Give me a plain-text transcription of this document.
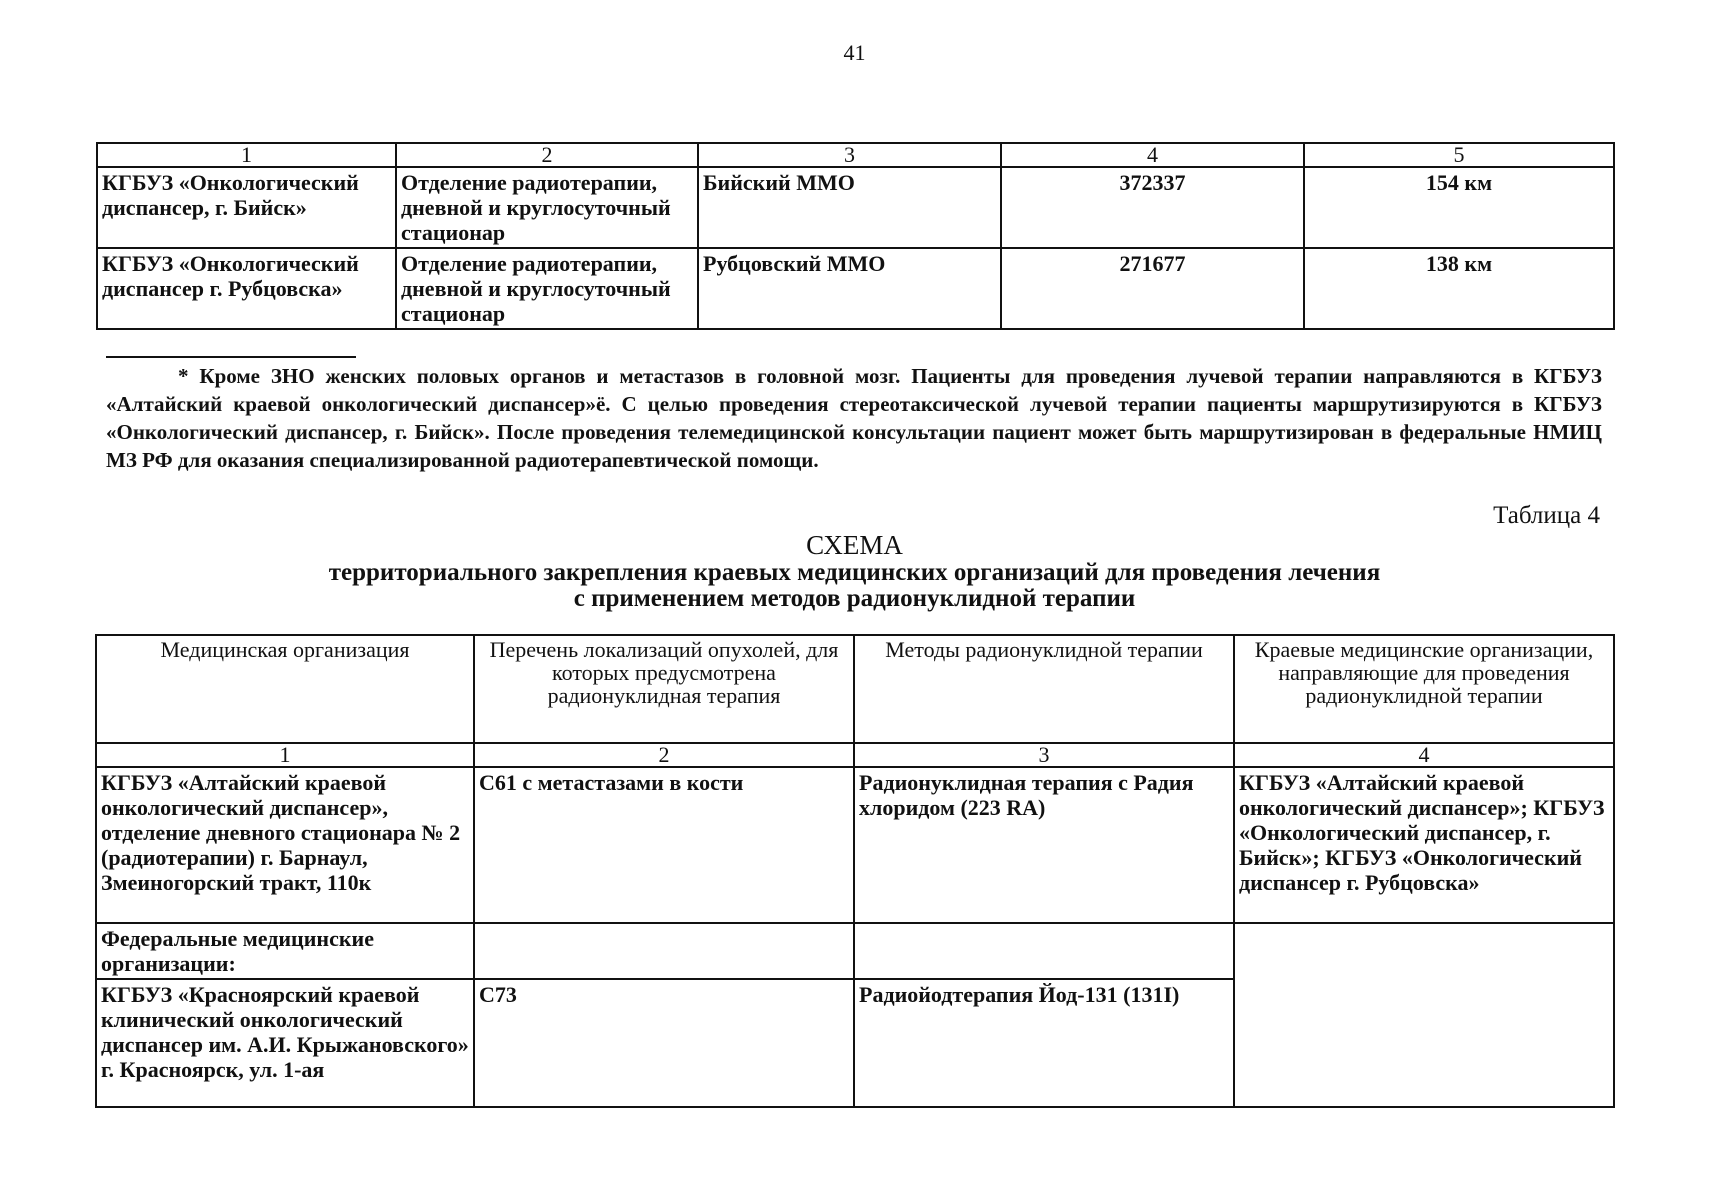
41
1	2	3	4	5
КГБУЗ «Онкологический диспансер, г. Бийск»	Отделение радиотерапии, дневной и круглосуточный стационар	Бийский ММО	372337	154 км
КГБУЗ «Онкологический диспансер г. Рубцовска»	Отделение радиотерапии, дневной и круглосуточный стационар	Рубцовский ММО	271677	138 км
* Кроме ЗНО женских половых органов и метастазов в головной мозг. Пациенты для проведения лучевой терапии направляются в КГБУЗ «Алтайский краевой онкологический диспансер»ё. С целью проведения стереотаксической лучевой терапии пациенты маршрутизируются в КГБУЗ «Онкологический диспансер, г. Бийск». После проведения телемедицинской консультации пациент может быть маршрутизирован в федеральные НМИЦ МЗ РФ для оказания специализированной радиотерапевтической помощи.
Таблица 4
СХЕМА
территориального закрепления краевых медицинских организаций для проведения лечения
с применением методов радионуклидной терапии
Медицинская организация	Перечень локализаций опухолей, для которых предусмотрена радионуклидная терапия	Методы радионуклидной терапии	Краевые медицинские организации, направляющие для проведения радионуклидной терапии
1	2	3	4
КГБУЗ «Алтайский краевой онкологический диспансер», отделение дневного стационара № 2 (радиотерапии) г. Барнаул, Змеиногорский тракт, 110к	C61 с метастазами в кости	Радионуклидная терапия с Радия хлоридом (223 RA)	КГБУЗ «Алтайский краевой онкологический диспансер»; КГБУЗ «Онкологический диспансер, г. Бийск»; КГБУЗ «Онкологический диспансер г. Рубцовска»
Федеральные медицинские организации:			
КГБУЗ «Красноярский краевой клинический онкологический диспансер им. А.И. Крыжановского» г. Красноярск, ул. 1-ая	C73	Радиойодтерапия Йод-131 (131I)	
